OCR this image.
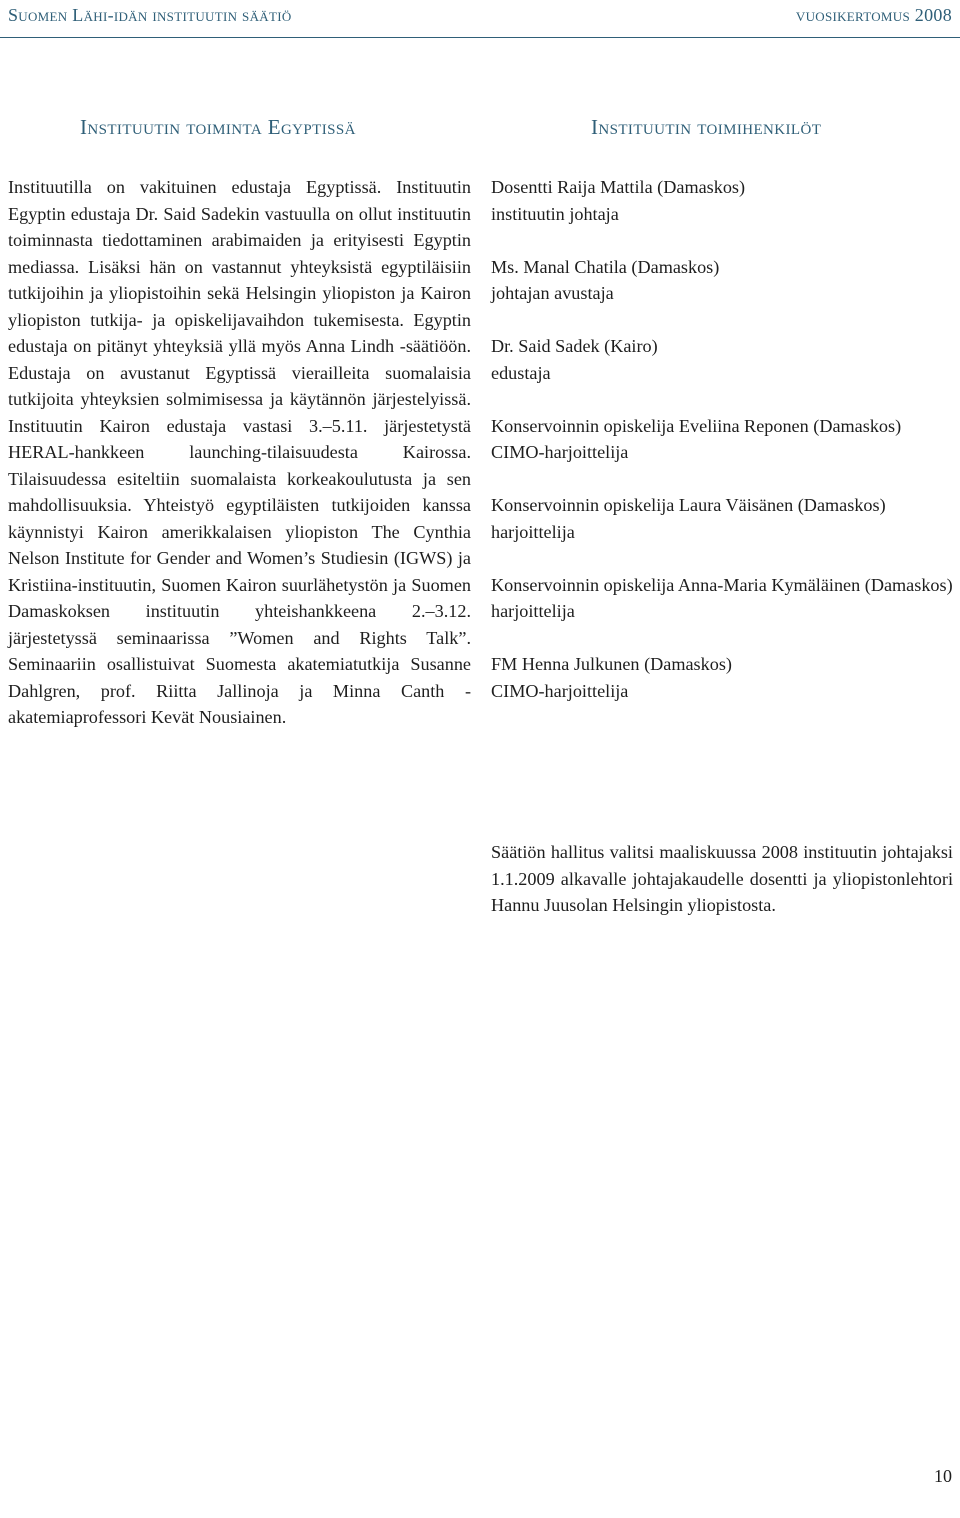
Suomen Lähi-idän instituutin säätiö	vuosikertomus 2008
Instituutin toiminta Egyptissä

Instituutilla on vakituinen edustaja Egyptissä. Instituutin Egyptin edustaja Dr. Said Sadekin vastuulla on ollut instituutin toiminnasta tiedottaminen arabimaiden ja erityisesti Egyptin mediassa. Lisäksi hän on vastannut yhteyksistä egyptiläisiin tutkijoihin ja yliopistoihin sekä Helsingin yliopiston ja Kairon yliopiston tutkija- ja opiskelijavaihdon tukemisesta. Egyptin edustaja on pitänyt yhteyksiä yllä myös Anna Lindh -säätiöön. Edustaja on avustanut Egyptissä vierailleita suomalaisia tutkijoita yhteyksien solmimisessa ja käytännön järjestelyissä. Instituutin Kairon edustaja vastasi 3.–5.11. järjestetystä HERAL-hankkeen launching-tilaisuudesta Kairossa. Tilaisuudessa esiteltiin suomalaista korkeakoulutusta ja sen mahdollisuuksia. Yhteistyö egyptiläisten tutkijoiden kanssa käynnistyi Kairon amerikkalaisen yliopiston The Cynthia Nelson Institute for Gender and Women’s Studiesin (IGWS) ja Kristiina-instituutin, Suomen Kairon suurlähetystön ja Suomen Damaskoksen instituutin yhteishankkeena 2.–3.12. järjestetyssä seminaarissa ”Women and Rights Talk”. Seminaariin osallistuivat Suomesta akatemiatutkija Susanne Dahlgren, prof. Riitta Jallinoja ja Minna Canth -akatemiaprofessori Kevät Nousiainen.

Instituutin toimihenkilöt
Dosentti Raija Mattila (Damaskos)
instituutin johtaja
Ms. Manal Chatila (Damaskos)
johtajan avustaja
Dr. Said Sadek (Kairo)
edustaja
Konservoinnin opiskelija Eveliina Reponen (Damaskos)
CIMO-harjoittelija
Konservoinnin opiskelija Laura Väisänen (Damaskos)
harjoittelija
Konservoinnin opiskelija Anna-Maria Kymäläinen (Damaskos)
harjoittelija
FM Henna Julkunen (Damaskos)
CIMO-harjoittelija

Säätiön hallitus valitsi maaliskuussa 2008 instituutin johtajaksi 1.1.2009 alkavalle johtajakaudelle dosentti ja yliopistonlehtori Hannu Juusolan Helsingin yliopistosta.

10
